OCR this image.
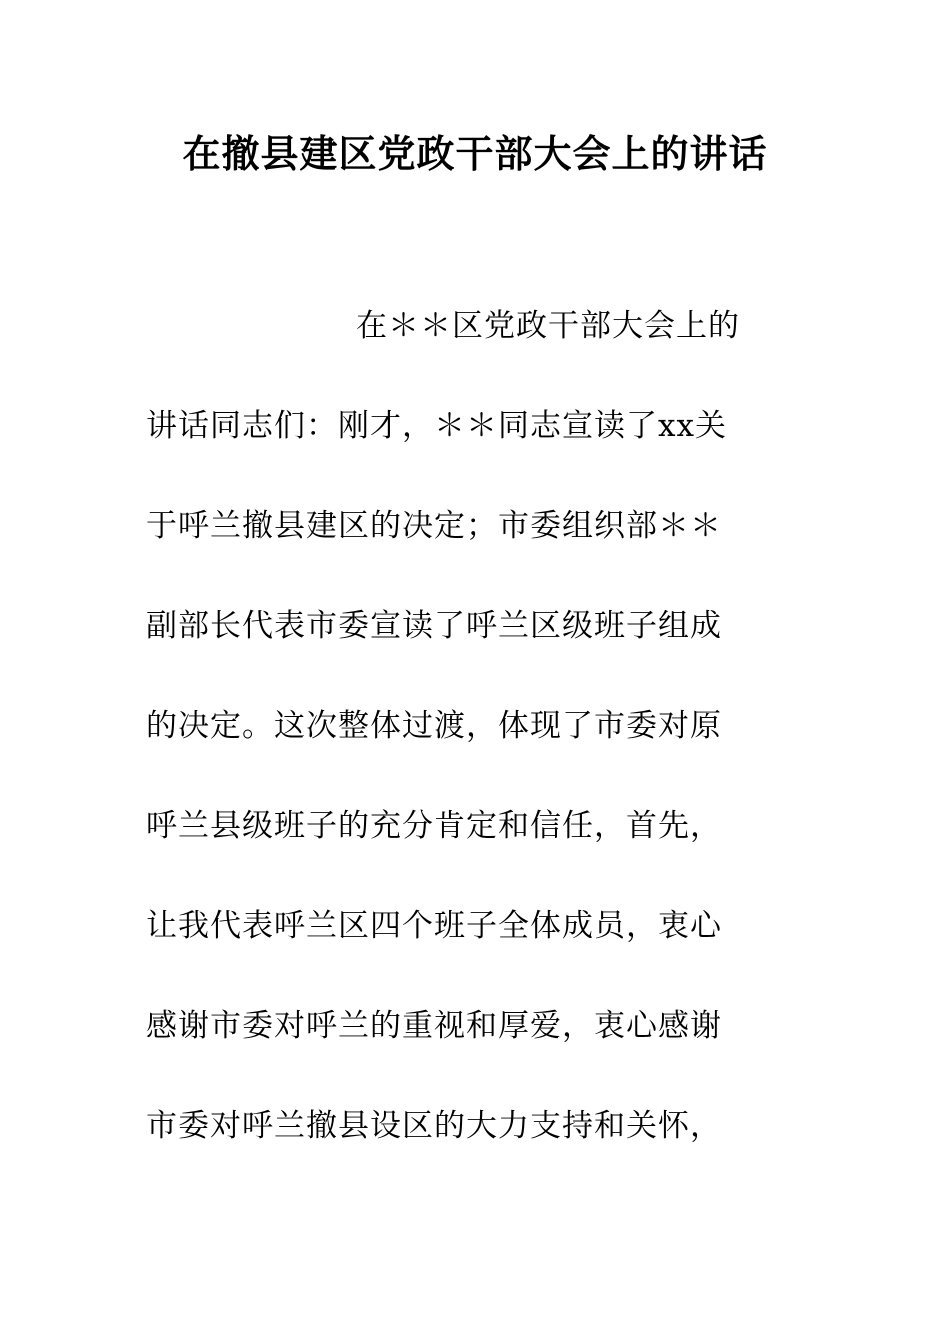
在撤县建区党政干部大会上的讲话
在＊＊区党政干部大会上的
讲话同志们：刚才，＊＊同志宣读了xx关
于呼兰撤县建区的决定；市委组织部＊＊
副部长代表市委宣读了呼兰区级班子组成
的决定。这次整体过渡，体现了市委对原
呼兰县级班子的充分肯定和信任，首先，
让我代表呼兰区四个班子全体成员，衷心
感谢市委对呼兰的重视和厚爱，衷心感谢
市委对呼兰撤县设区的大力支持和关怀，
